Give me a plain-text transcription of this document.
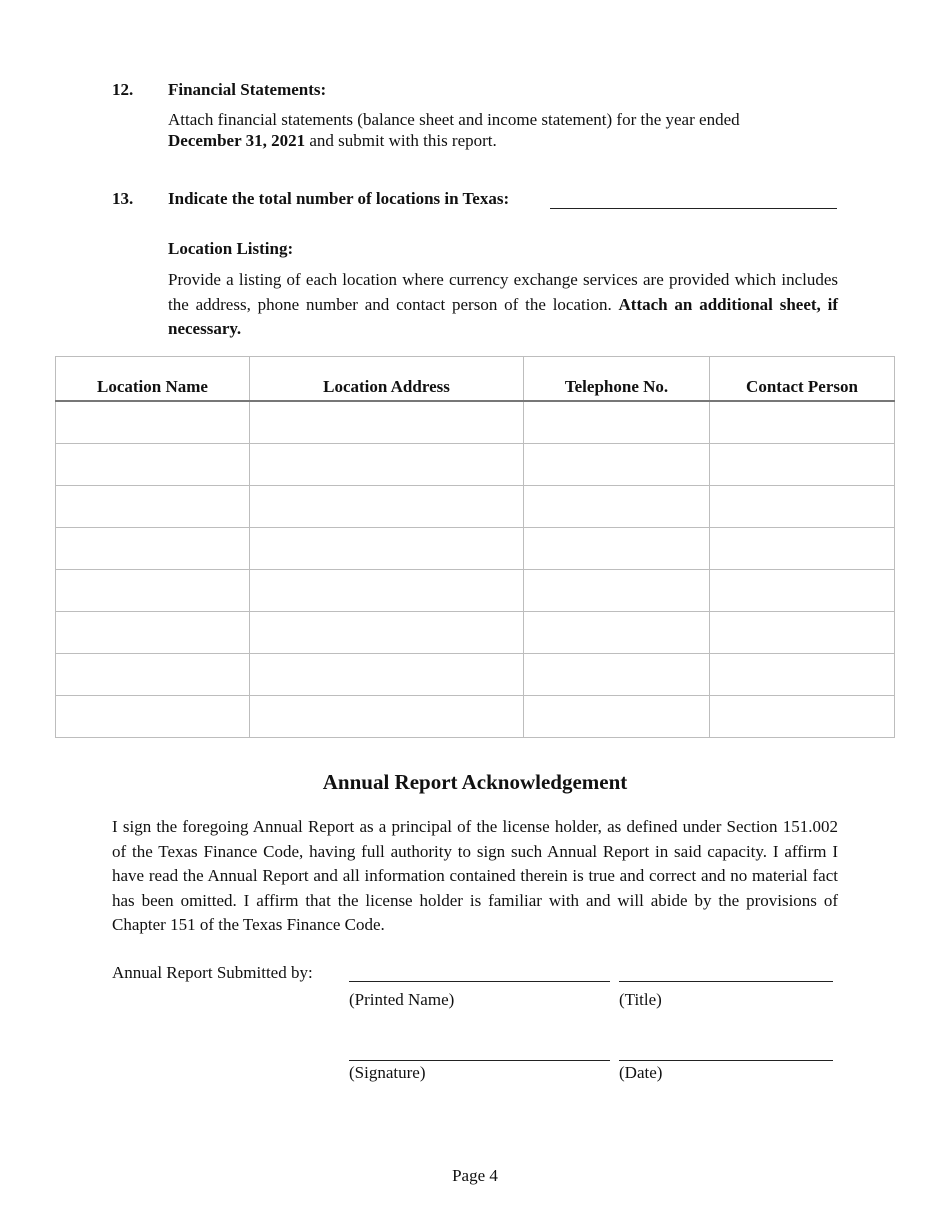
12. Financial Statements:
Attach financial statements (balance sheet and income statement) for the year ended
December 31, 2021 and submit with this report.
13. Indicate the total number of locations in Texas:
Location Listing:
Provide a listing of each location where currency exchange services are provided which includes the address, phone number and contact person of the location. Attach an additional sheet, if necessary.
Location Name	Location Address	Telephone No.	Contact Person

Annual Report Acknowledgement
I sign the foregoing Annual Report as a principal of the license holder, as defined under Section 151.002 of the Texas Finance Code, having full authority to sign such Annual Report in said capacity. I affirm I have read the Annual Report and all information contained therein is true and correct and no material fact has been omitted. I affirm that the license holder is familiar with and will abide by the provisions of Chapter 151 of the Texas Finance Code.
Annual Report Submitted by:
(Printed Name)	(Title)
(Signature)	(Date)
Page 4
